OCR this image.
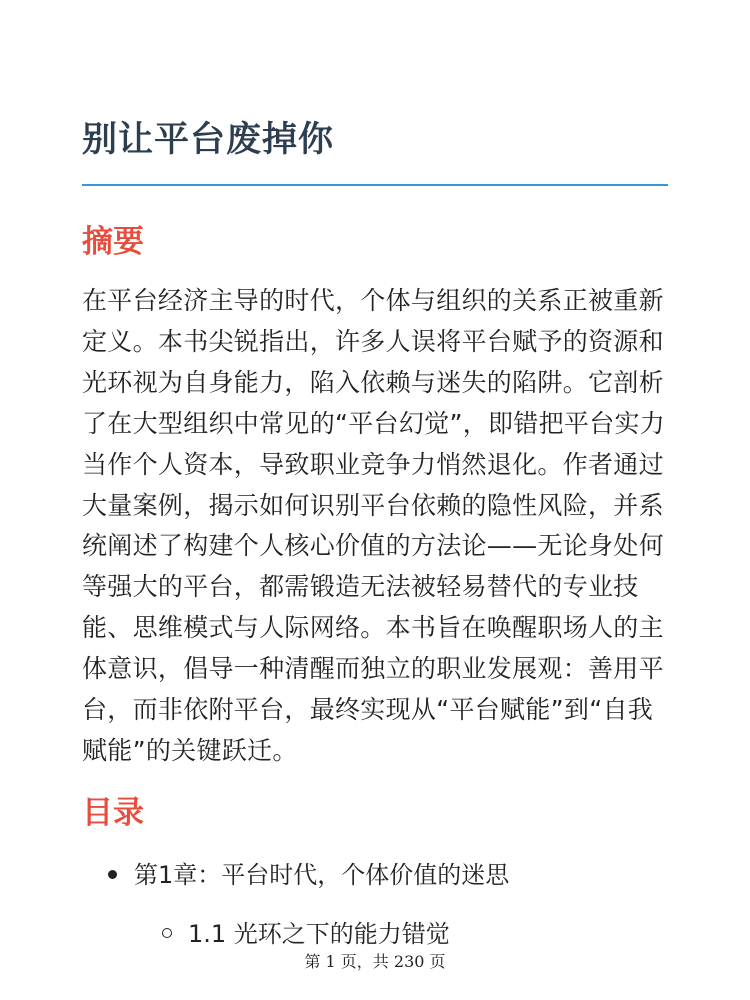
别让平台废掉你
摘要

在平台经济主导的时代，个体与组织的关系正被重新定义。本书尖锐指出，许多人误将平台赋予的资源和光环视为自身能力，陷入依赖与迷失的陷阱。它剖析了在大型组织中常见的“平台幻觉”，即错把平台实力当作个人资本，导致职业竞争力悄然退化。作者通过大量案例，揭示如何识别平台依赖的隐性风险，并系统阐述了构建个人核心价值的方法论——无论身处何等强大的平台，都需锻造无法被轻易替代的专业技能、思维模式与人际网络。本书旨在唤醒职场人的主体意识，倡导一种清醒而独立的职业发展观：善用平台，而非依附平台，最终实现从“平台赋能”到“自我赋能”的关键跃迁。

目录
第1章：平台时代，个体价值的迷思
1.1 光环之下的能力错觉
第 1 页，共 230 页
